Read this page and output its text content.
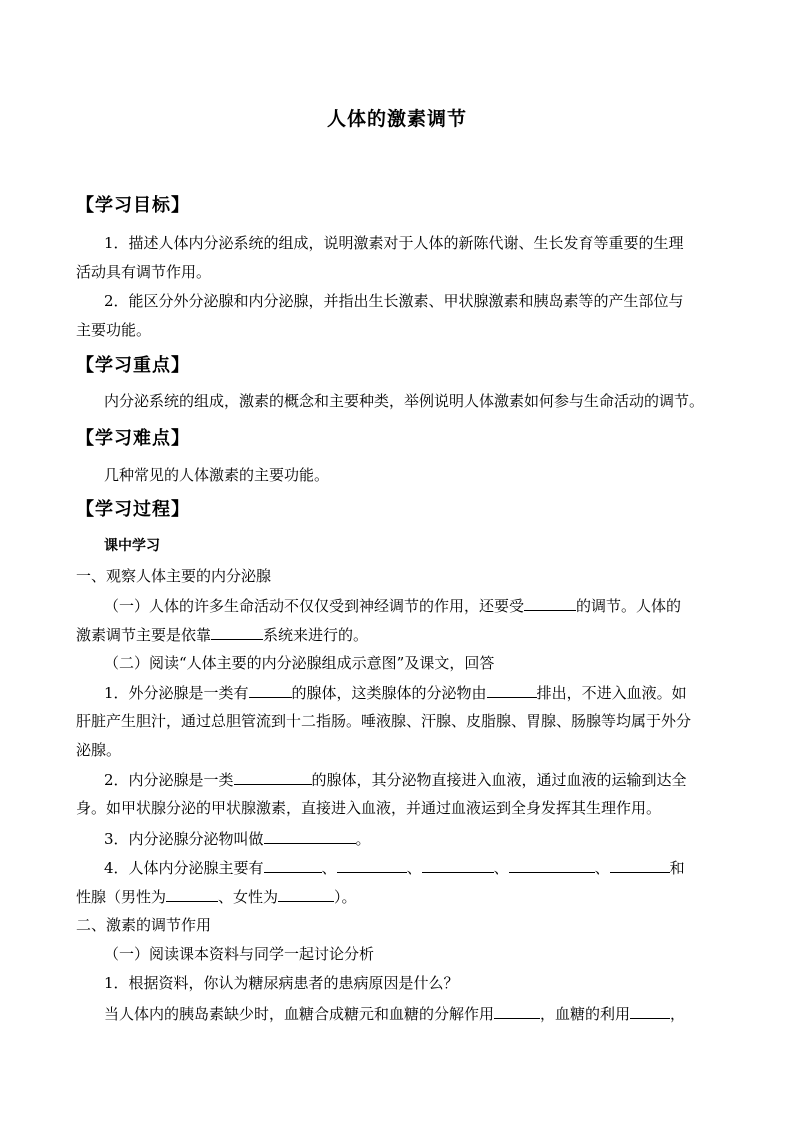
人体的激素调节
【学习目标】
1．描述人体内分泌系统的组成，说明激素对于人体的新陈代谢、生长发育等重要的生理
活动具有调节作用。
2．能区分外分泌腺和内分泌腺，并指出生长激素、甲状腺激素和胰岛素等的产生部位与
主要功能。
【学习重点】
内分泌系统的组成，激素的概念和主要种类，举例说明人体激素如何参与生命活动的调节。
【学习难点】
几种常见的人体激素的主要功能。
【学习过程】
课中学习
一、观察人体主要的内分泌腺
（一）人体的许多生命活动不仅仅受到神经调节的作用，还要受	的调节。人体的
激素调节主要是依靠	系统来进行的。
（二）阅读“人体主要的内分泌腺组成示意图”及课文，回答
1．外分泌腺是一类有	的腺体，这类腺体的分泌物由	排出，不进入血液。如
肝脏产生胆汁，通过总胆管流到十二指肠。唾液腺、汗腺、皮脂腺、胃腺、肠腺等均属于外分
泌腺。
2．内分泌腺是一类	的腺体，其分泌物直接进入血液，通过血液的运输到达全
身。如甲状腺分泌的甲状腺激素，直接进入血液，并通过血液运到全身发挥其生理作用。
3．内分泌腺分泌物叫做	。
4．人体内分泌腺主要有	、	、	、	、	和
性腺（男性为	、女性为	）。
二、激素的调节作用
（一）阅读课本资料与同学一起讨论分析
1．根据资料，你认为糖尿病患者的患病原因是什么？
当人体内的胰岛素缺少时，血糖合成糖元和血糖的分解作用	，血糖的利用	，
